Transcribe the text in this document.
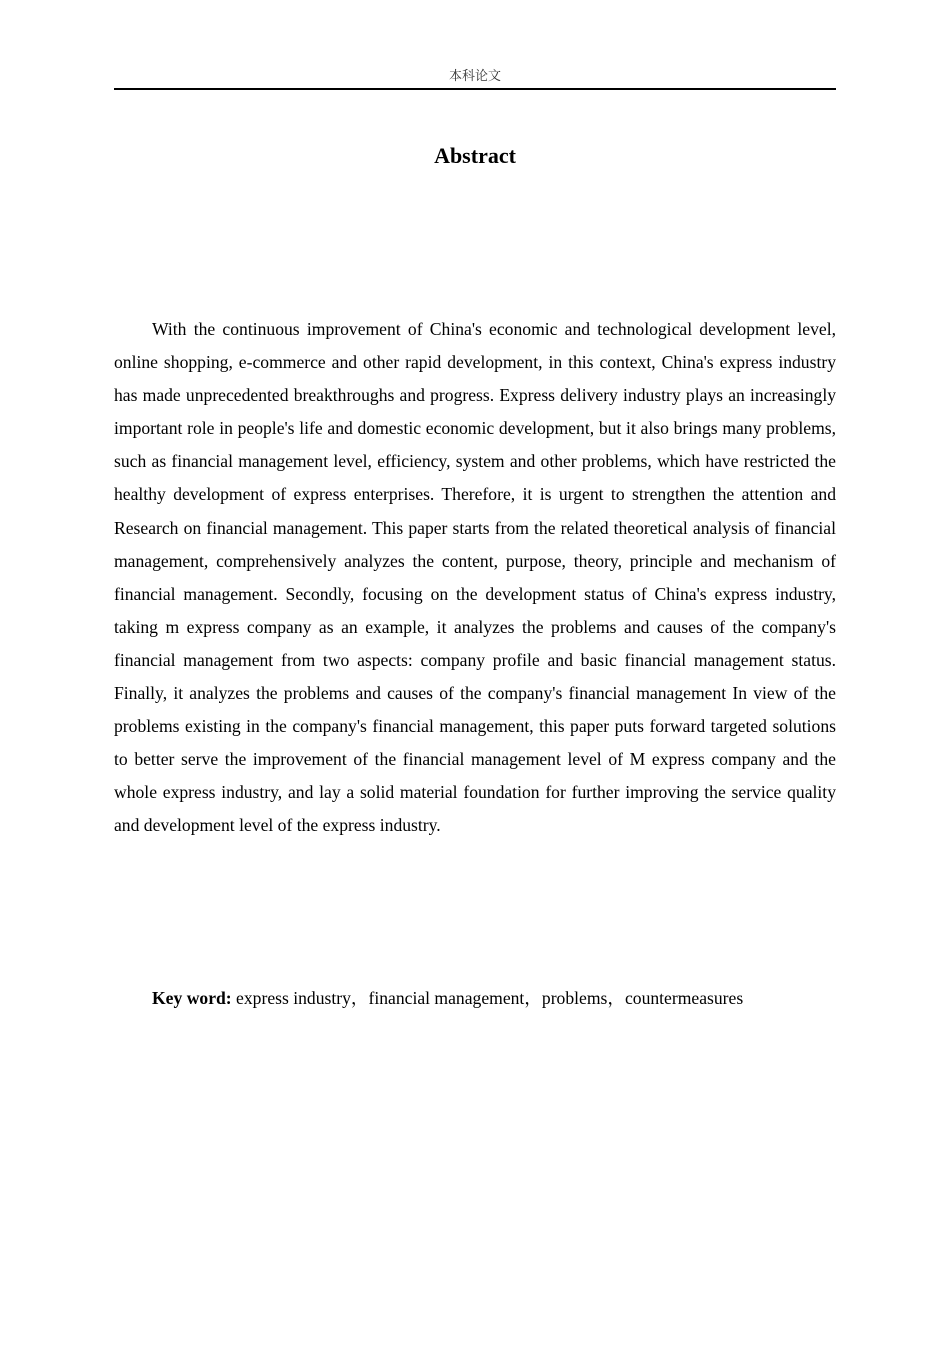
本科论文
Abstract

With the continuous improvement of China's economic and technological development level, online shopping, e-commerce and other rapid development, in this context, China's express industry has made unprecedented breakthroughs and progress. Express delivery industry plays an increasingly important role in people's life and domestic economic development, but it also brings many problems, such as financial management level, efficiency, system and other problems, which have restricted the healthy development of express enterprises. Therefore, it is urgent to strengthen the attention and Research on financial management. This paper starts from the related theoretical analysis of financial management, comprehensively analyzes the content, purpose, theory, principle and mechanism of financial management. Secondly, focusing on the development status of China's express industry, taking m express company as an example, it analyzes the problems and causes of the company's financial management from two aspects: company profile and basic financial management status. Finally, it analyzes the problems and causes of the company's financial management In view of the problems existing in the company's financial management, this paper puts forward targeted solutions to better serve the improvement of the financial management level of M express company and the whole express industry, and lay a solid material foundation for further improving the service quality and development level of the express industry.

Key word: express industry，financial management，problems，countermeasures
